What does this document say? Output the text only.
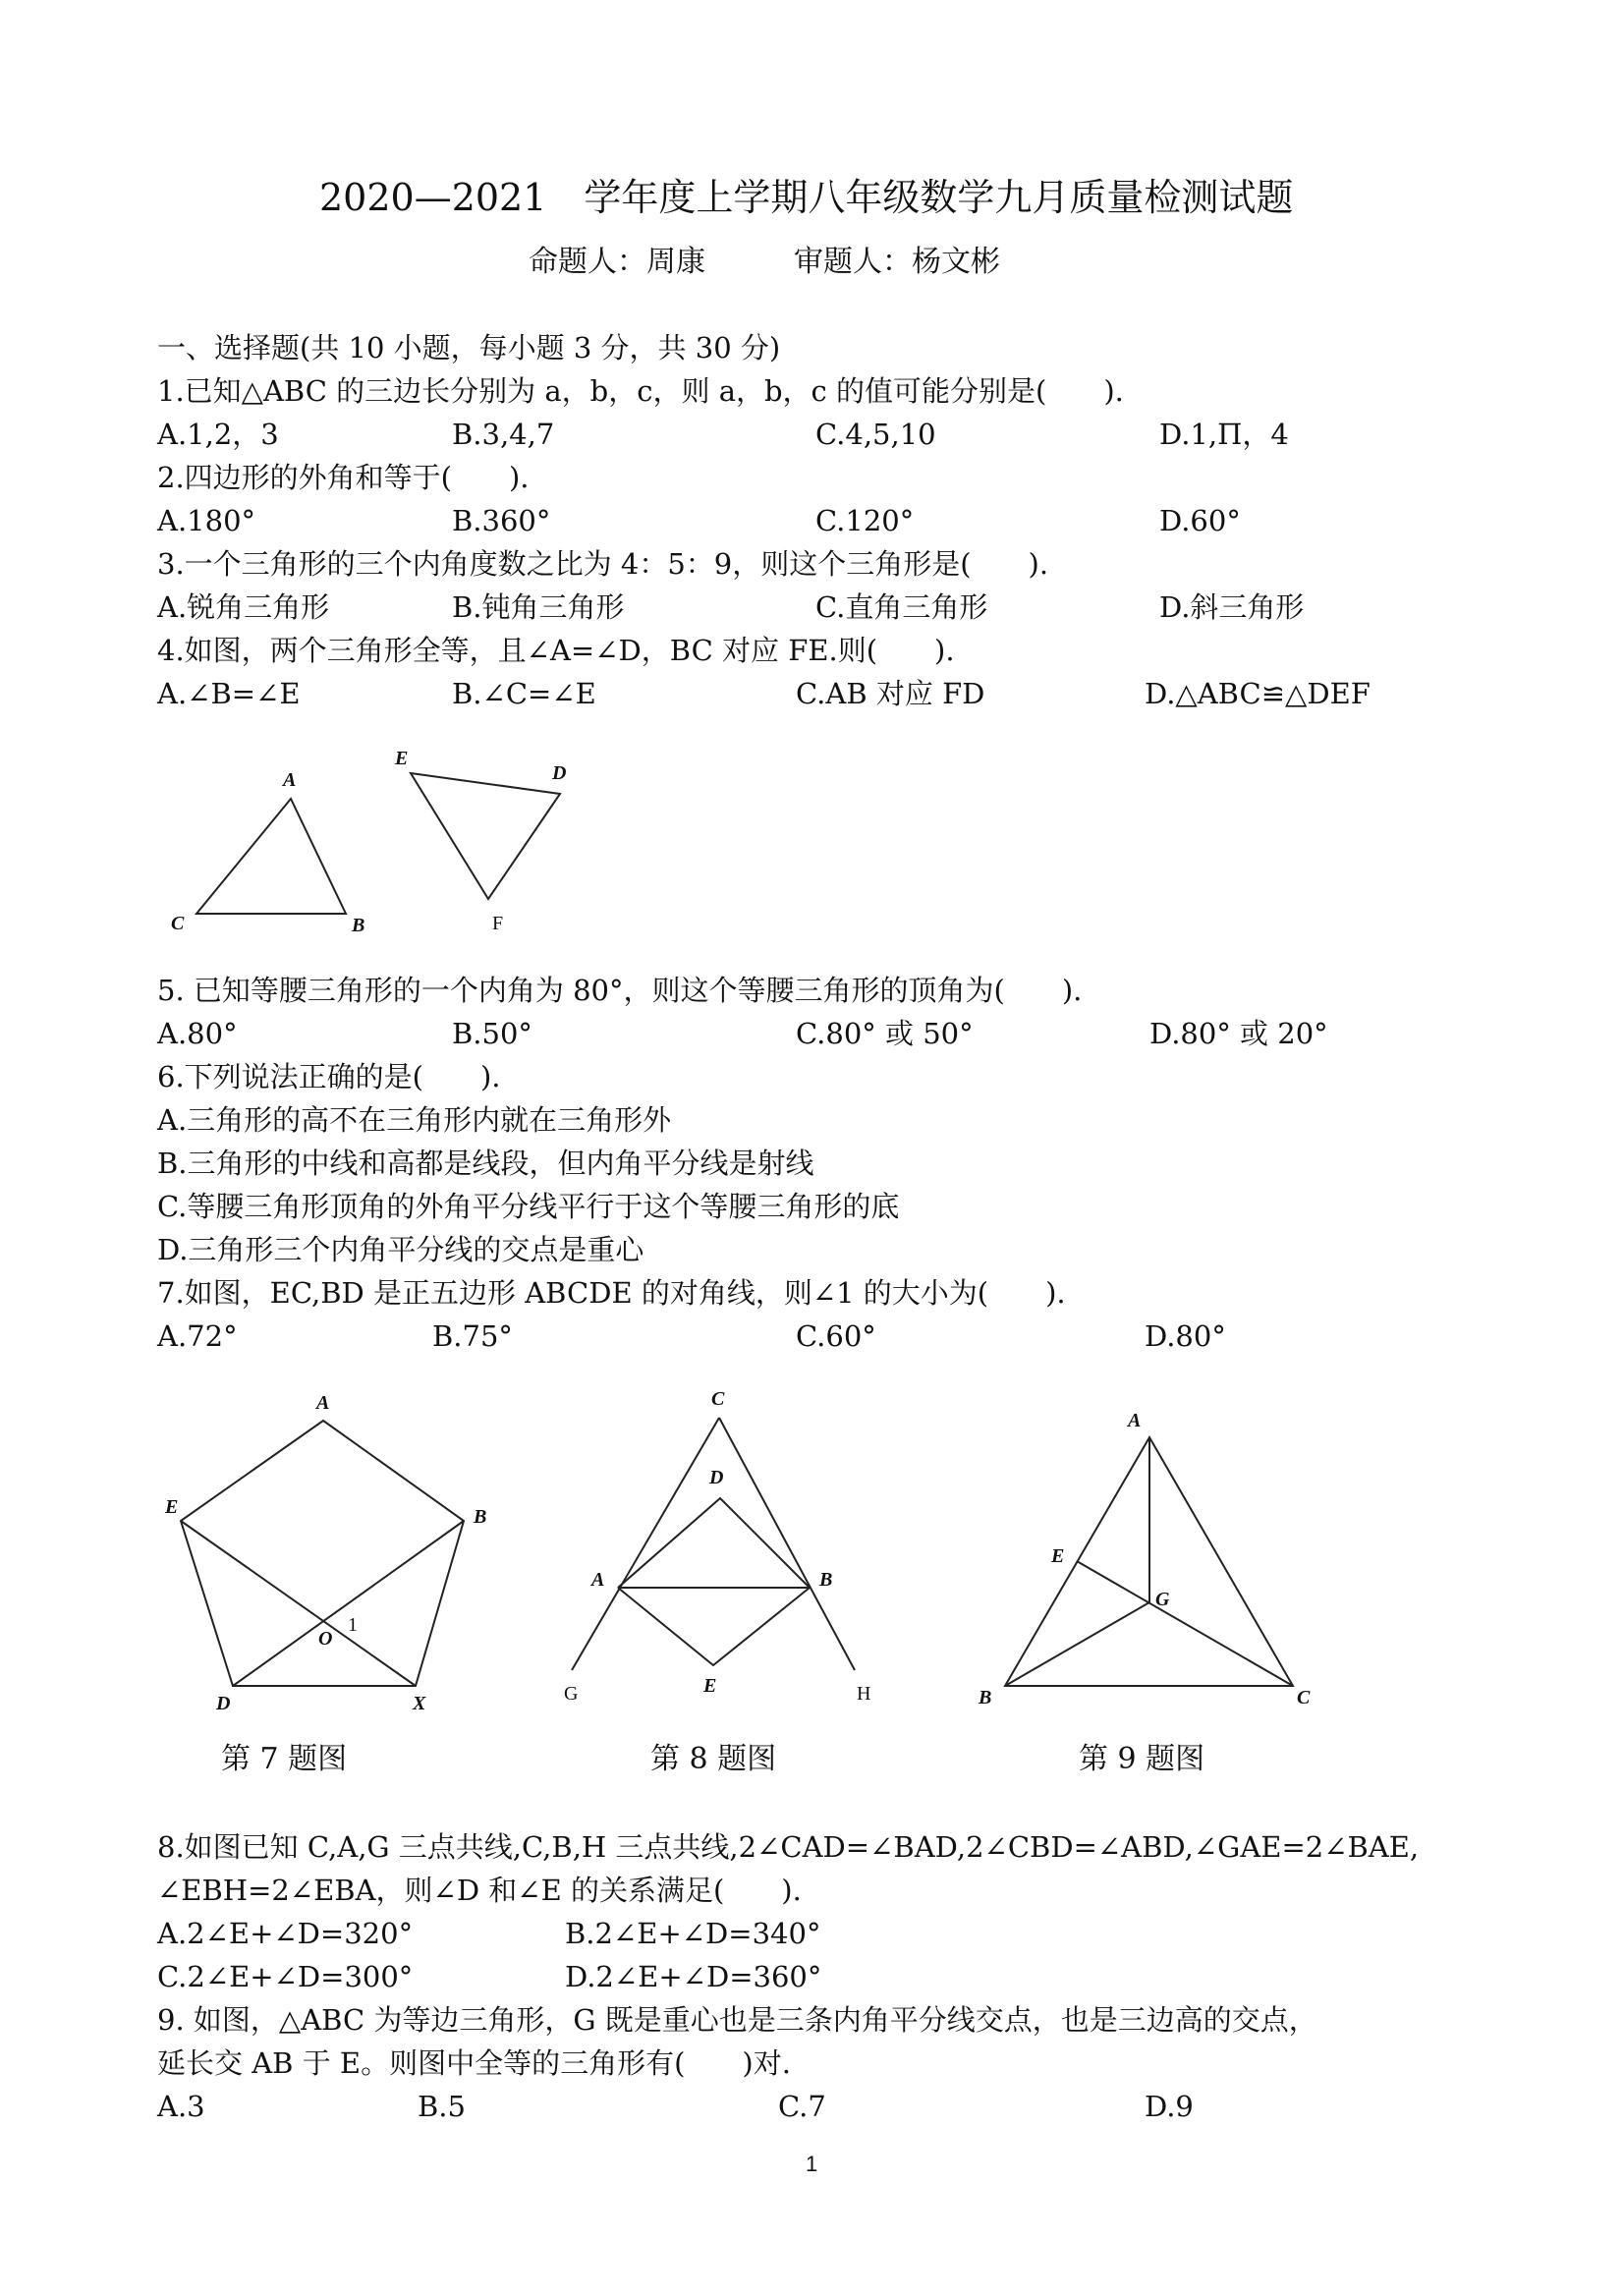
2020—2021　学年度上学期八年级数学九月质量检测试题
命题人：周康　　　审题人：杨文彬
一、选择题(共 10 小题，每小题 3 分，共 30 分)
1.已知△ABC 的三边长分别为 a，b，c，则 a，b，c 的值可能分别是(　　).
A.1,2，3	B.3,4,7	C.4,5,10	D.1,Π，4
2.四边形的外角和等于(　　).
A.180°	B.360°	C.120°	D.60°
3.一个三角形的三个内角度数之比为 4：5：9，则这个三角形是(　　).
A.锐角三角形	B.钝角三角形	C.直角三角形	D.斜三角形
4.如图，两个三角形全等，且∠A=∠D，BC 对应 FE.则(　　).
A.∠B=∠E	B.∠C=∠E	C.AB 对应 FD	D.△ABC≌△DEF
A
B
C
D
E
F
5. 已知等腰三角形的一个内角为 80°，则这个等腰三角形的顶角为(　　).
A.80°	B.50°	C.80° 或 50°	D.80° 或 20°
6.下列说法正确的是(　　).
A.三角形的高不在三角形内就在三角形外
B.三角形的中线和高都是线段，但内角平分线是射线
C.等腰三角形顶角的外角平分线平行于这个等腰三角形的底
D.三角形三个内角平分线的交点是重心
7.如图，EC,BD 是正五边形 ABCDE 的对角线，则∠1 的大小为(　　).
A.72°	B.75°	C.60°	D.80°
A
B
E
D	X
O
1
C
D
A	B
E
G	H
A
E
G
B	C
第 7 题图	第 8 题图	第 9 题图
8.如图已知 C,A,G 三点共线,C,B,H 三点共线,2∠CAD=∠BAD,2∠CBD=∠ABD,∠GAE=2∠BAE,
∠EBH=2∠EBA，则∠D 和∠E 的关系满足(　　).
A.2∠E+∠D=320°	B.2∠E+∠D=340°
C.2∠E+∠D=300°	D.2∠E+∠D=360°
9. 如图，△ABC 为等边三角形，G 既是重心也是三条内角平分线交点，也是三边高的交点，
延长交 AB 于 E。则图中全等的三角形有(　　)对.
A.3	B.5	C.7	D.9
1
